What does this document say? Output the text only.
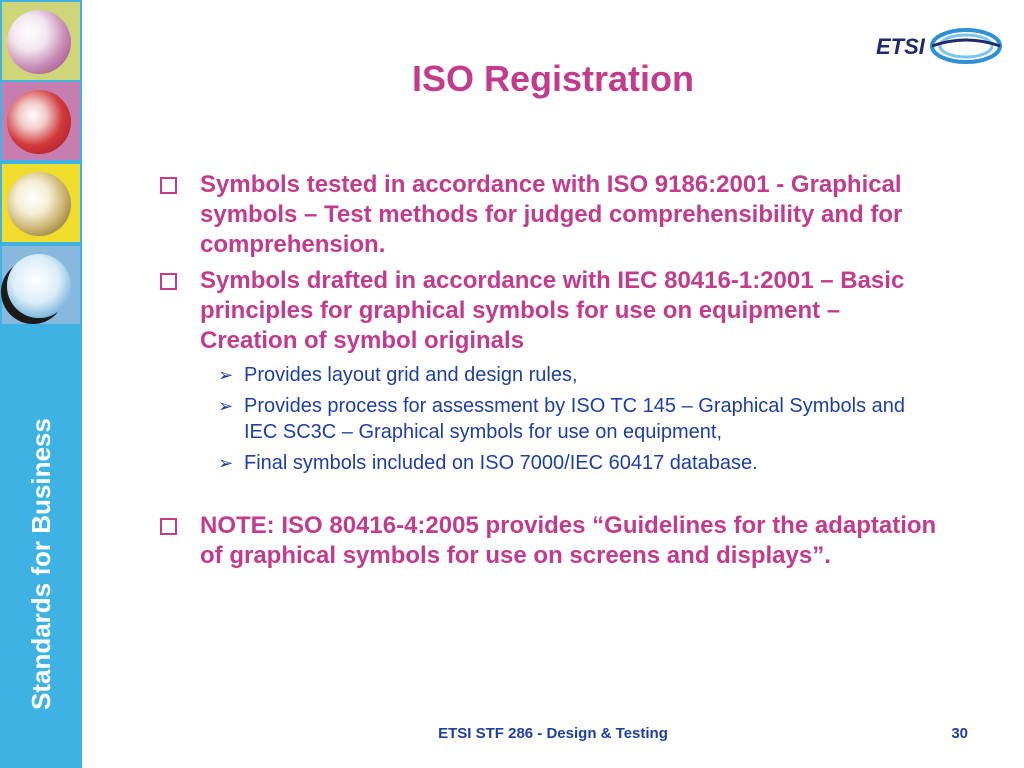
Standards for Business
ETSI
ISO Registration
Symbols tested in accordance with ISO 9186:2001 - Graphical symbols – Test methods for judged comprehensibility and for comprehension.
Symbols drafted in accordance with IEC 80416-1:2001 – Basic principles for graphical symbols for use on equipment – Creation of symbol originals
➢ Provides layout grid and design rules,
➢ Provides process for assessment by ISO TC 145 – Graphical Symbols and IEC SC3C – Graphical symbols for use on equipment,
➢ Final symbols included on ISO 7000/IEC 60417 database.
NOTE: ISO 80416-4:2005 provides “Guidelines for the adaptation of graphical symbols for use on screens and displays”.
ETSI STF 286 - Design & Testing	30
